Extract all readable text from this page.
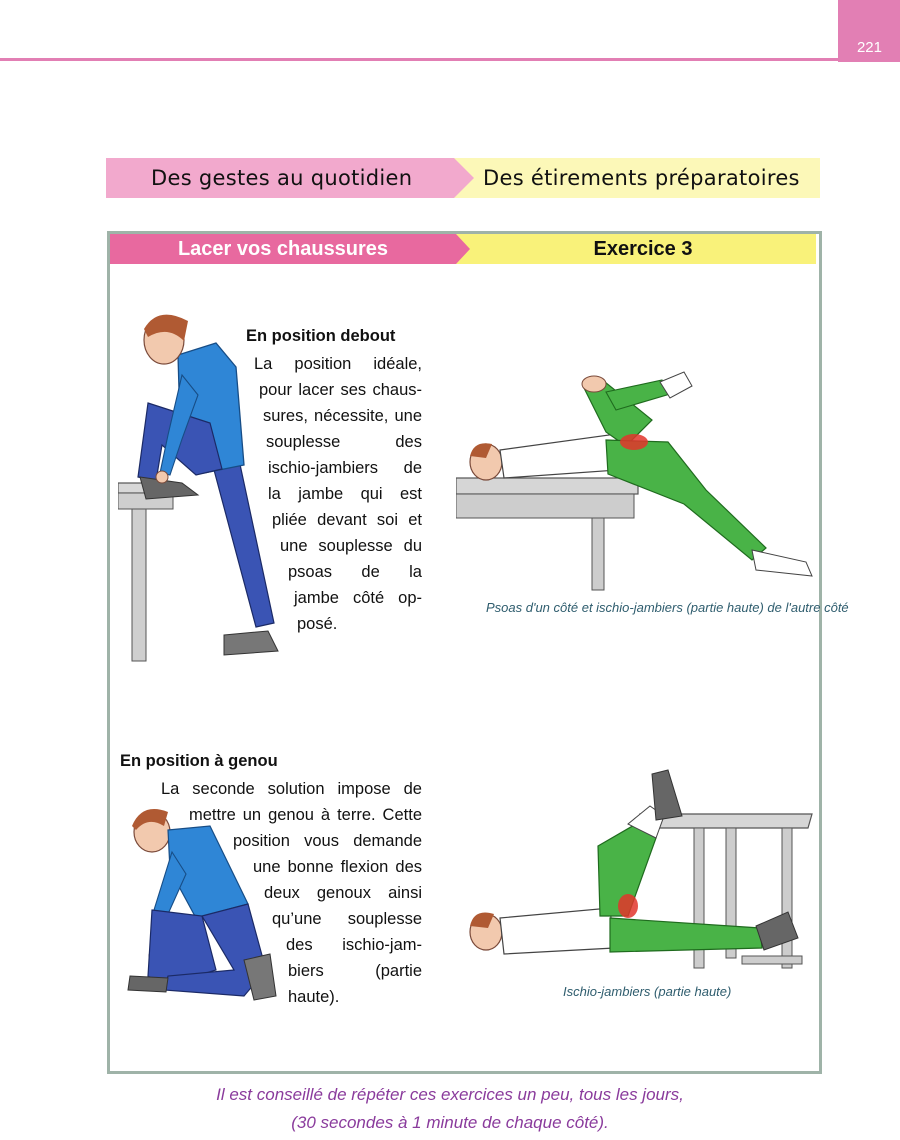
221
Des gestes au quotidien	Des étirements préparatoires
Lacer vos chaussures	Exercice 3
En position debout
La position idéale,
pour lacer ses chaus-
sures, nécessite, une
souplesse des
ischio-jambiers de
la jambe qui est
pliée devant soi et
une souplesse du
psoas de la
jambe côté op-
posé.
Psoas d'un côté et ischio-jambiers (partie haute) de l'autre côté
En position à genou
La seconde solution impose de
mettre un genou à terre. Cette
position vous demande
une bonne flexion des
deux genoux ainsi
qu’une souplesse
des ischio-jam-
biers (partie
haute).	Ischio-jambiers (partie haute)
Il est conseillé de répéter ces exercices un peu, tous les jours,
(30 secondes à 1 minute de chaque côté).
